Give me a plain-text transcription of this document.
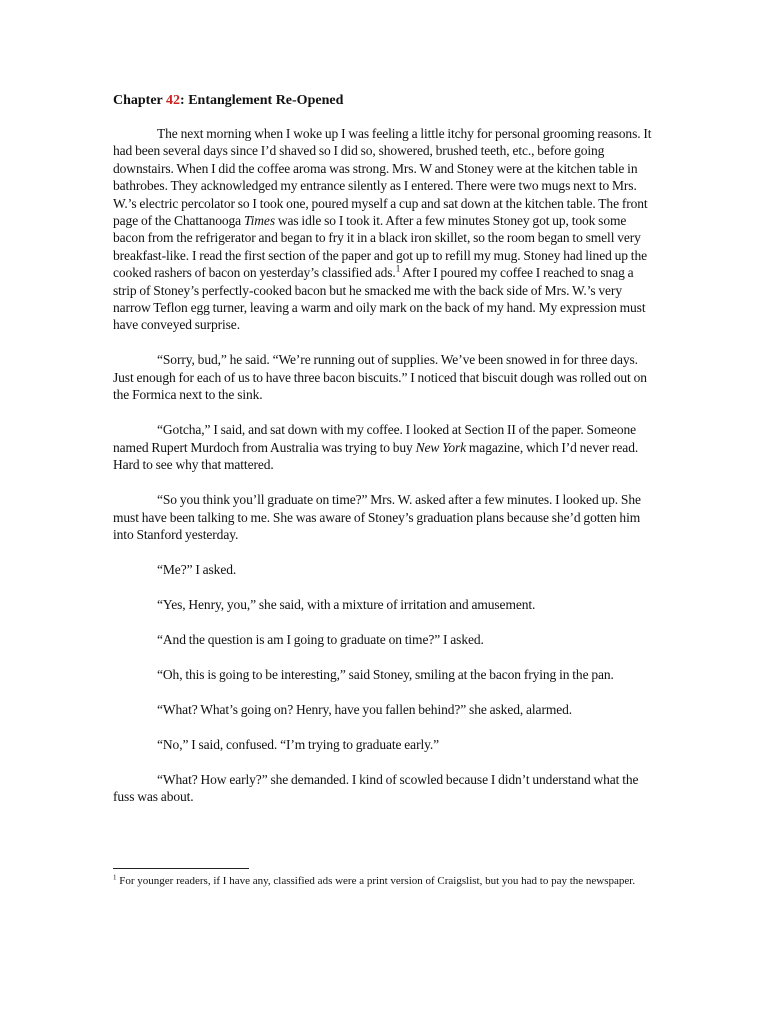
Chapter 42: Entanglement Re-Opened

The next morning when I woke up I was feeling a little itchy for personal grooming reasons. It had been several days since I’d shaved so I did so, showered, brushed teeth, etc., before going downstairs. When I did the coffee aroma was strong. Mrs. W and Stoney were at the kitchen table in bathrobes. They acknowledged my entrance silently as I entered. There were two mugs next to Mrs. W.’s electric percolator so I took one, poured myself a cup and sat down at the kitchen table. The front page of the Chattanooga Times was idle so I took it. After a few minutes Stoney got up, took some bacon from the refrigerator and began to fry it in a black iron skillet, so the room began to smell very breakfast-like. I read the first section of the paper and got up to refill my mug. Stoney had lined up the cooked rashers of bacon on yesterday’s classified ads.$^1$ After I poured my coffee I reached to snag a strip of Stoney’s perfectly-cooked bacon but he smacked me with the back side of Mrs. W.’s very narrow Teflon egg turner, leaving a warm and oily mark on the back of my hand. My expression must have conveyed surprise.

“Sorry, bud,” he said. “We’re running out of supplies. We’ve been snowed in for three days. Just enough for each of us to have three bacon biscuits.” I noticed that biscuit dough was rolled out on the Formica next to the sink.

“Gotcha,” I said, and sat down with my coffee. I looked at Section II of the paper. Someone named Rupert Murdoch from Australia was trying to buy New York magazine, which I’d never read. Hard to see why that mattered.

“So you think you’ll graduate on time?” Mrs. W. asked after a few minutes. I looked up. She must have been talking to me. She was aware of Stoney’s graduation plans because she’d gotten him into Stanford yesterday.

“Me?” I asked.

“Yes, Henry, you,” she said, with a mixture of irritation and amusement.

“And the question is am I going to graduate on time?” I asked.

“Oh, this is going to be interesting,” said Stoney, smiling at the bacon frying in the pan.

“What? What’s going on? Henry, have you fallen behind?” she asked, alarmed.

“No,” I said, confused. “I’m trying to graduate early.”

“What? How early?” she demanded. I kind of scowled because I didn’t understand what the fuss was about.

$^1$ For younger readers, if I have any, classified ads were a print version of Craigslist, but you had to pay the newspaper.
